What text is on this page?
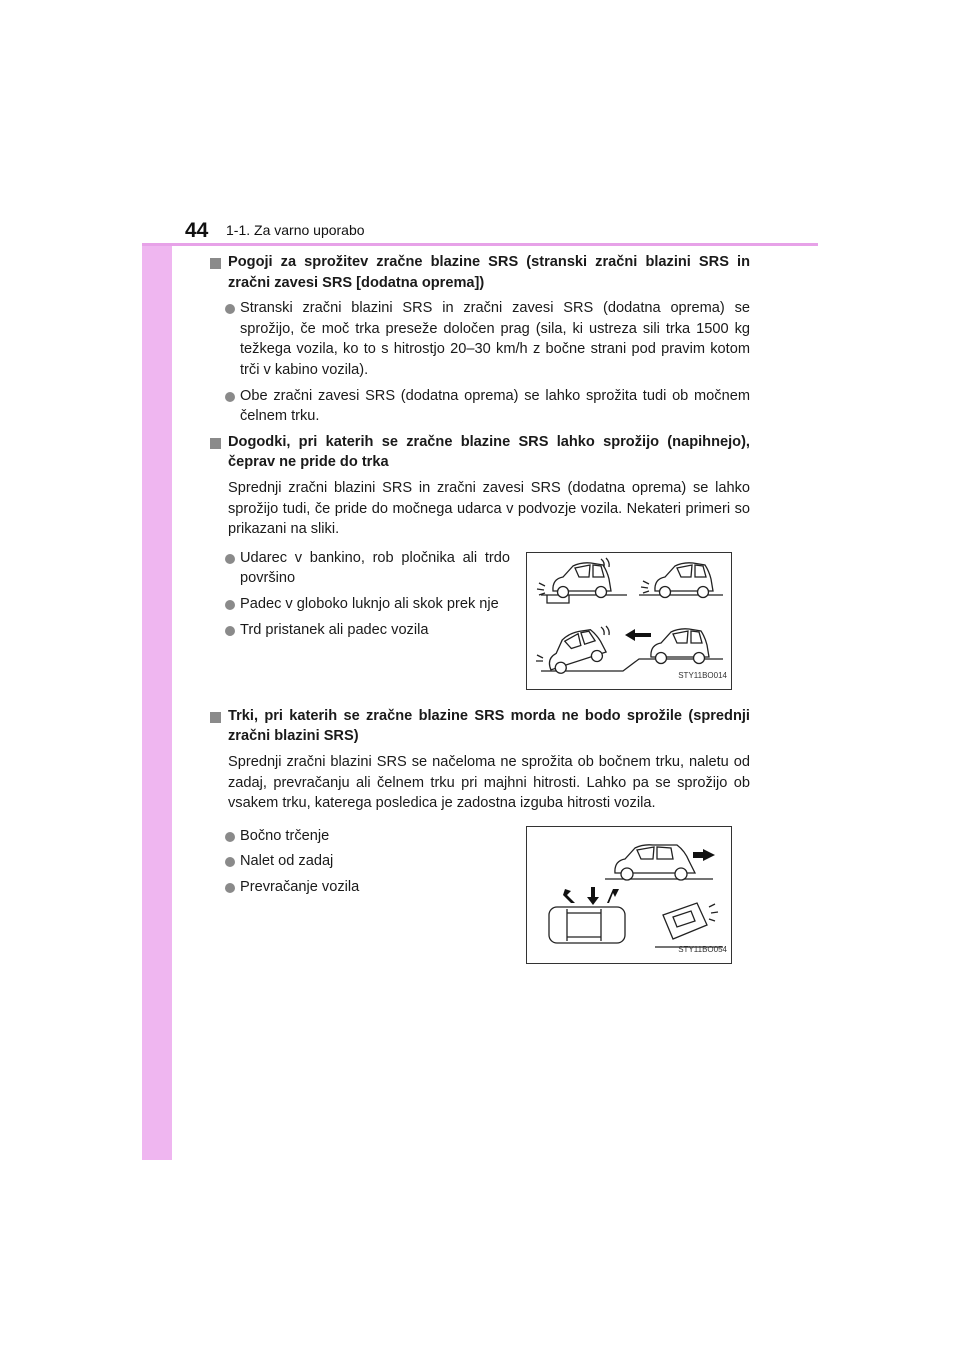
44 1-1. Za varno uporabo
Pogoji za sprožitev zračne blazine SRS (stranski zračni blazini SRS in zračni zavesi SRS [dodatna oprema])
Stranski zračni blazini SRS in zračni zavesi SRS (dodatna oprema) se sprožijo, če moč trka preseže določen prag (sila, ki ustreza sili trka 1500 kg težkega vozila, ko to s hitrostjo 20–30 km/h z bočne strani pod pravim kotom trči v kabino vozila).
Obe zračni zavesi SRS (dodatna oprema) se lahko sprožita tudi ob močnem čelnem trku.
Dogodki, pri katerih se zračne blazine SRS lahko sprožijo (napihnejo), čeprav ne pride do trka
Sprednji zračni blazini SRS in zračni zavesi SRS (dodatna oprema) se lahko sprožijo tudi, če pride do močnega udarca v podvozje vozila. Nekateri primeri so prikazani na sliki.
Udarec v bankino, rob pločnika ali trdo površino
Padec v globoko luknjo ali skok prek nje
Trd pristanek ali padec vozila
STY11BO014
Trki, pri katerih se zračne blazine SRS morda ne bodo sprožile (sprednji zračni blazini SRS)
Sprednji zračni blazini SRS se načeloma ne sprožita ob bočnem trku, naletu od zadaj, prevračanju ali čelnem trku pri majhni hitrosti. Lahko pa se sprožijo ob vsakem trku, katerega posledica je zadostna izguba hitrosti vozila.
Bočno trčenje
Nalet od zadaj
Prevračanje vozila
STY11BO054
